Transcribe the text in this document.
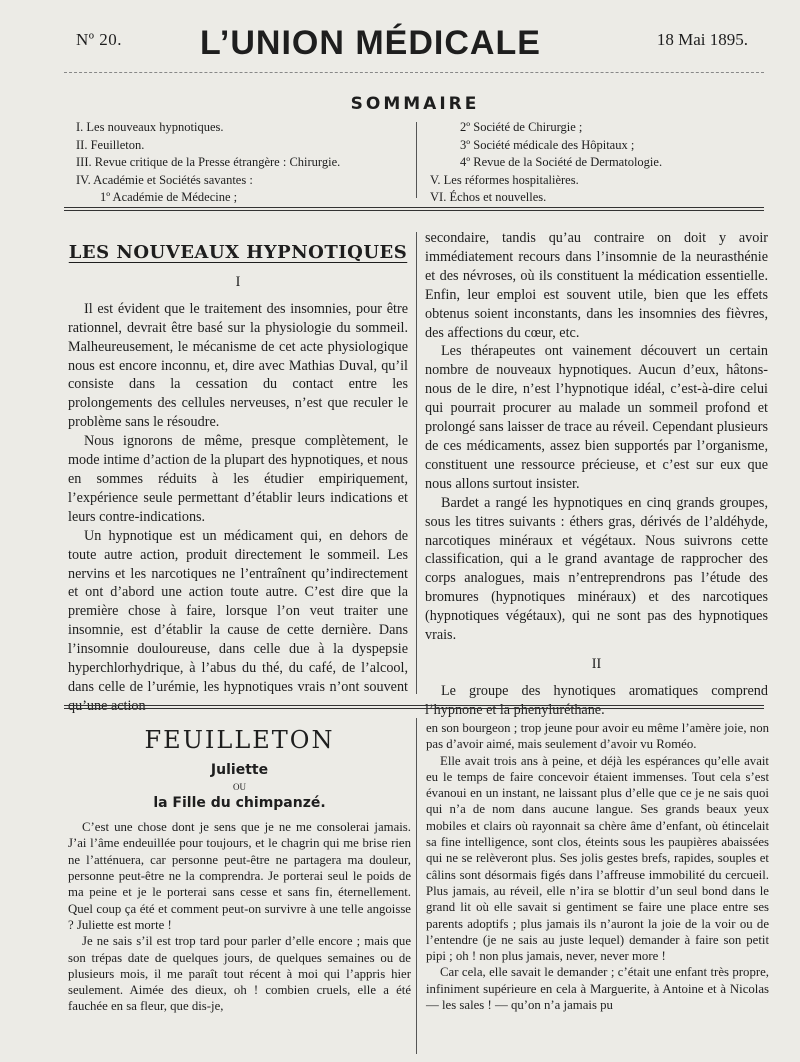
Nº 20. L’UNION MÉDICALE	18 Mai 1895.
SOMMAIRE
I. Les nouveaux hypnotiques.
II. Feuilleton.
III. Revue critique de la Presse étrangère : Chirurgie.
IV. Académie et Sociétés savantes :
1º Académie de Médecine ;
2º Société de Chirurgie ;
3º Société médicale des Hôpitaux ;
4º Revue de la Société de Dermatologie.
V. Les réformes hospitalières.
VI. Échos et nouvelles.
LES NOUVEAUX HYPNOTIQUES
I

Il est évident que le traitement des insomnies, pour être rationnel, devrait être basé sur la physiologie du sommeil. Malheureusement, le mécanisme de cet acte physiologique nous est encore inconnu, et, dire avec Mathias Duval, qu’il consiste dans la cessation du contact entre les prolongements des cellules nerveuses, n’est que reculer le problème sans le résoudre.

Nous ignorons de même, presque complètement, le mode intime d’action de la plupart des hypnotiques, et nous en sommes réduits à les étudier empiriquement, l’expérience seule permettant d’établir leurs indications et leurs contre-indications.

Un hypnotique est un médicament qui, en dehors de toute autre action, produit directement le sommeil. Les nervins et les narcotiques ne l’entraînent qu’indirectement et ont d’abord une action toute autre. C’est dire que la première chose à faire, lorsque l’on veut traiter une insomnie, est d’établir la cause de cette dernière. Dans l’insomnie douloureuse, dans celle due à la dyspepsie hyperchlorhydrique, à l’abus du thé, du café, de l’alcool, dans celle de l’urémie, les hypnotiques vrais n’ont souvent qu’une action

secondaire, tandis qu’au contraire on doit y avoir immédiatement recours dans l’insomnie de la neurasthénie et des névroses, où ils constituent la médication essentielle. Enfin, leur emploi est souvent utile, bien que les effets obtenus soient inconstants, dans les insomnies des fièvres, des affections du cœur, etc.

Les thérapeutes ont vainement découvert un certain nombre de nouveaux hypnotiques. Aucun d’eux, hâtons-nous de le dire, n’est l’hypnotique idéal, c’est-à-dire celui qui pourrait procurer au malade un sommeil profond et prolongé sans laisser de trace au réveil. Cependant plusieurs de ces médicaments, assez bien supportés par l’organisme, constituent une ressource précieuse, et c’est sur eux que nous allons surtout insister.

Bardet a rangé les hypnotiques en cinq grands groupes, sous les titres suivants : éthers gras, dérivés de l’aldéhyde, narcotiques minéraux et végétaux. Nous suivrons cette classification, qui a le grand avantage de rapprocher des corps analogues, mais n’entreprendrons pas l’étude des bromures (hypnotiques minéraux) et des narcotiques (hypnotiques végétaux), qui ne sont pas des hypnotiques vrais.

II

Le groupe des hynotiques aromatiques comprend l’hypnone et la phenyluréthane.

FEUILLETON
Juliette
OU
la Fille du chimpanzé.

C’est une chose dont je sens que je ne me consolerai jamais. J’ai l’âme endeuillée pour toujours, et le chagrin qui me brise rien ne l’atténuera, car personne peut-être ne partagera ma douleur, personne peut-être ne la comprendra. Je porterai seul le poids de ma peine et je le porterai sans cesse et sans fin, éternellement. Quel coup ça été et comment peut-on survivre à une telle angoisse ? Juliette est morte !

Je ne sais s’il est trop tard pour parler d’elle encore ; mais que son trépas date de quelques jours, de quelques semaines ou de plusieurs mois, il me paraît tout récent à moi qui l’appris hier seulement. Aimée des dieux, oh ! combien cruels, elle a été fauchée en sa fleur, que dis-je,

en son bourgeon ; trop jeune pour avoir eu même l’amère joie, non pas d’avoir aimé, mais seulement d’avoir vu Roméo.

Elle avait trois ans à peine, et déjà les espérances qu’elle avait eu le temps de faire concevoir étaient immenses. Tout cela s’est évanoui en un instant, ne laissant plus d’elle que ce je ne sais quoi qui n’a de nom dans aucune langue. Ses grands beaux yeux mobiles et clairs où rayonnait sa chère âme d’enfant, où étincelait sa fine intelligence, sont clos, éteints sous les paupières abaissées qui ne se relèveront plus. Ses jolis gestes brefs, rapides, souples et câlins sont désormais figés dans l’affreuse immobilité du cercueil. Plus jamais, au réveil, elle n’ira se blottir d’un seul bond dans le grand lit où elle savait si gentiment se faire une place entre ses parents adoptifs ; plus jamais ils n’auront la joie de la voir ou de l’entendre (je ne sais au juste lequel) demander à faire son petit pipi ; oh ! non plus jamais, never, never more !

Car cela, elle savait le demander ; c’était une enfant très propre, infiniment supérieure en cela à Marguerite, à Antoine et à Nicolas — les sales ! — qu’on n’a jamais pu
